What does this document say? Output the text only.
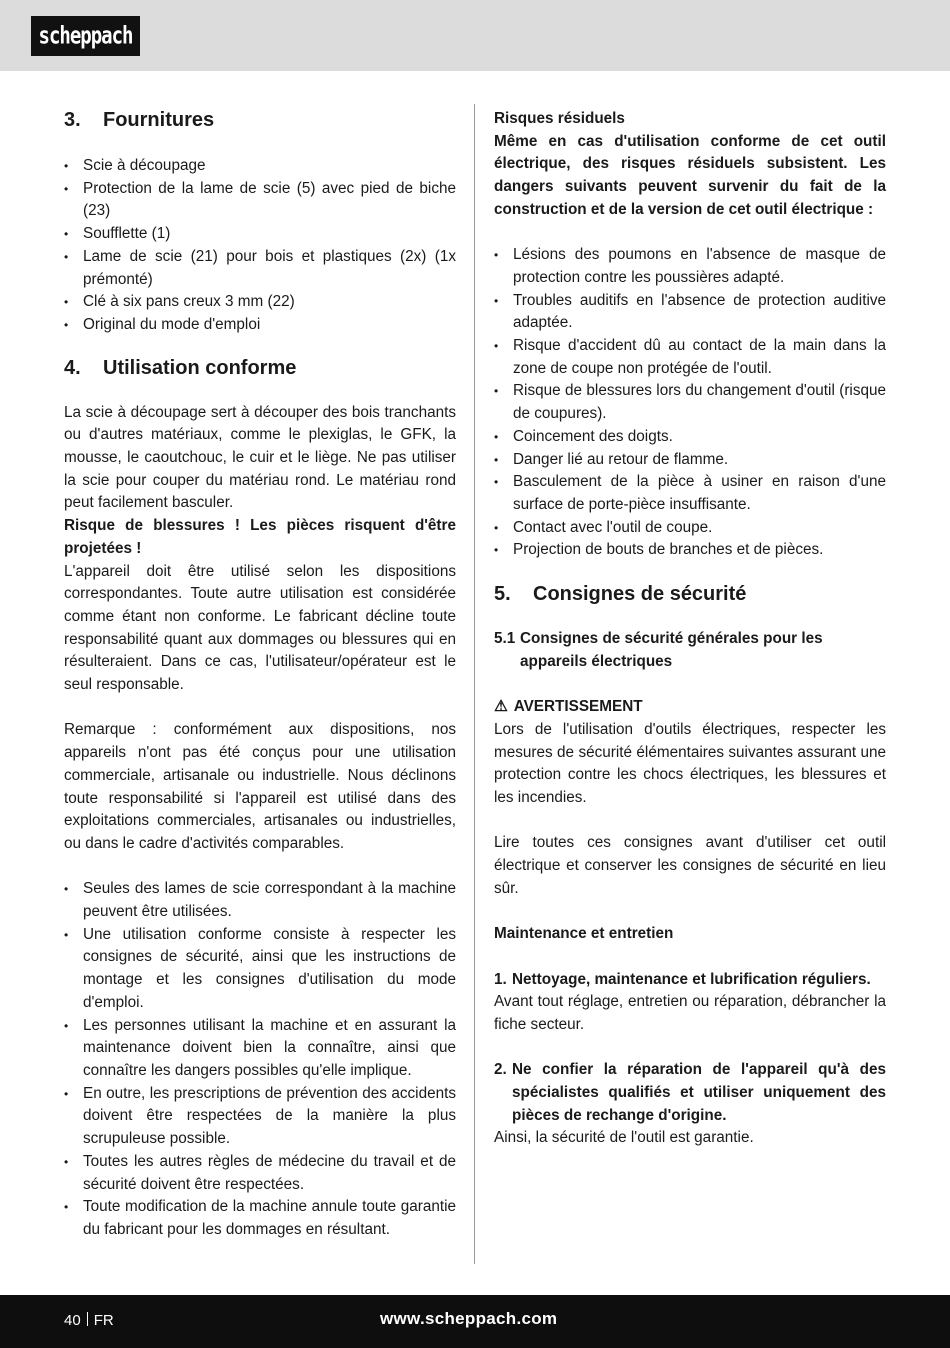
scheppach
3.	Fournitures
• Scie à découpage
• Protection de la lame de scie (5) avec pied de biche (23)
• Soufflette (1)
• Lame de scie (21) pour bois et plastiques (2x) (1x prémonté)
• Clé à six pans creux 3 mm (22)
• Original du mode d'emploi
4.	Utilisation conforme

La scie à découpage sert à découper des bois tranchants ou d'autres matériaux, comme le plexiglas, le GFK, la mousse, le caoutchouc, le cuir et le liège. Ne pas utiliser la scie pour couper du matériau rond. Le matériau rond peut facilement basculer.

Risque de blessures ! Les pièces risquent d'être projetées !

L'appareil doit être utilisé selon les dispositions correspondantes. Toute autre utilisation est considérée comme étant non conforme. Le fabricant décline toute responsabilité quant aux dommages ou blessures qui en résulteraient. Dans ce cas, l'utilisateur/opérateur est le seul responsable.

Remarque : conformément aux dispositions, nos appareils n'ont pas été conçus pour une utilisation commerciale, artisanale ou industrielle. Nous déclinons toute responsabilité si l'appareil est utilisé dans des exploitations commerciales, artisanales ou industrielles, ou dans le cadre d'activités comparables.

• Seules des lames de scie correspondant à la machine peuvent être utilisées.
• Une utilisation conforme consiste à respecter les consignes de sécurité, ainsi que les instructions de montage et les consignes d'utilisation du mode d'emploi.
• Les personnes utilisant la machine et en assurant la maintenance doivent bien la connaître, ainsi que connaître les dangers possibles qu'elle implique.
• En outre, les prescriptions de prévention des accidents doivent être respectées de la manière la plus scrupuleuse possible.
• Toutes les autres règles de médecine du travail et de sécurité doivent être respectées.
• Toute modification de la machine annule toute garantie du fabricant pour les dommages en résultant.

Risques résiduels

Même en cas d'utilisation conforme de cet outil électrique, des risques résiduels subsistent. Les dangers suivants peuvent survenir du fait de la construction et de la version de cet outil électrique :

• Lésions des poumons en l'absence de masque de protection contre les poussières adapté.
• Troubles auditifs en l'absence de protection auditive adaptée.
• Risque d'accident dû au contact de la main dans la zone de coupe non protégée de l'outil.
• Risque de blessures lors du changement d'outil (risque de coupures).
• Coincement des doigts.
• Danger lié au retour de flamme.
• Basculement de la pièce à usiner en raison d'une surface de porte-pièce insuffisante.
• Contact avec l'outil de coupe.
• Projection de bouts de branches et de pièces.
5.	Consignes de sécurité
5.1 Consignes de sécurité générales pour les appareils électriques

⚠ AVERTISSEMENT

Lors de l'utilisation d'outils électriques, respecter les mesures de sécurité élémentaires suivantes assurant une protection contre les chocs électriques, les blessures et les incendies.

Lire toutes ces consignes avant d'utiliser cet outil électrique et conserver les consignes de sécurité en lieu sûr.

Maintenance et entretien

1. Nettoyage, maintenance et lubrification réguliers.

Avant tout réglage, entretien ou réparation, débrancher la fiche secteur.

2. Ne confier la réparation de l'appareil qu'à des spécialistes qualifiés et utiliser uniquement des pièces de rechange d'origine.

Ainsi, la sécurité de l'outil est garantie.

40 FR	www.scheppach.com
